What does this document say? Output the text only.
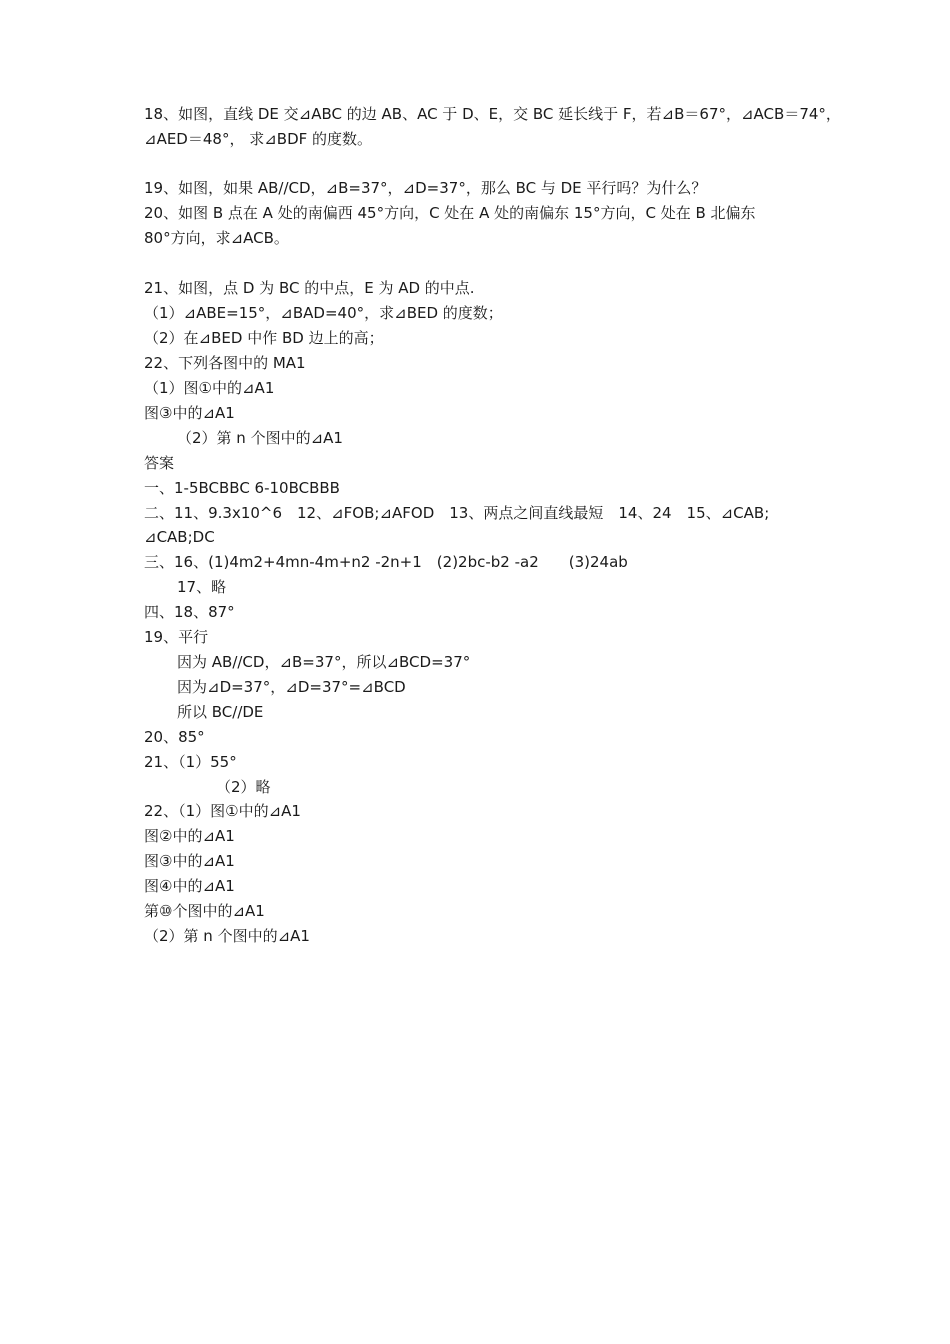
18、如图，直线 DE 交⊿ABC 的边 AB、AC 于 D、E，交 BC 延长线于 F，若⊿B＝67°，⊿ACB＝74°，
⊿AED＝48°， 求⊿BDF 的度数。
19、如图，如果 AB//CD，⊿B=37°，⊿D=37°，那么 BC 与 DE 平行吗？为什么？
20、如图 B 点在 A 处的南偏西 45°方向，C 处在 A 处的南偏东 15°方向，C 处在 B 北偏东
80°方向，求⊿ACB。
21、如图，点 D 为 BC 的中点，E 为 AD 的中点.
（1）⊿ABE=15°，⊿BAD=40°，求⊿BED 的度数；
（2）在⊿BED 中作 BD 边上的高；
22、下列各图中的 MA1
（1）图①中的⊿A1
图③中的⊿A1
（2）第 n 个图中的⊿A1
答案
一、1-5BCBBC 6-10BCBBB
二、11、9.3x10^6　12、⊿FOB;⊿AFOD　13、两点之间直线最短　14、24　15、⊿CAB;
⊿CAB;DC
三、16、(1)4m2+4mn-4m+n2 -2n+1　(2)2bc-b2 -a2　　(3)24ab
17、略
四、18、87°
19、平行
因为 AB//CD，⊿B=37°，所以⊿BCD=37°
因为⊿D=37°，⊿D=37°=⊿BCD
所以 BC//DE
20、85°
21、（1）55°
（2）略
22、（1）图①中的⊿A1
图②中的⊿A1
图③中的⊿A1
图④中的⊿A1
第⑩个图中的⊿A1
（2）第 n 个图中的⊿A1
